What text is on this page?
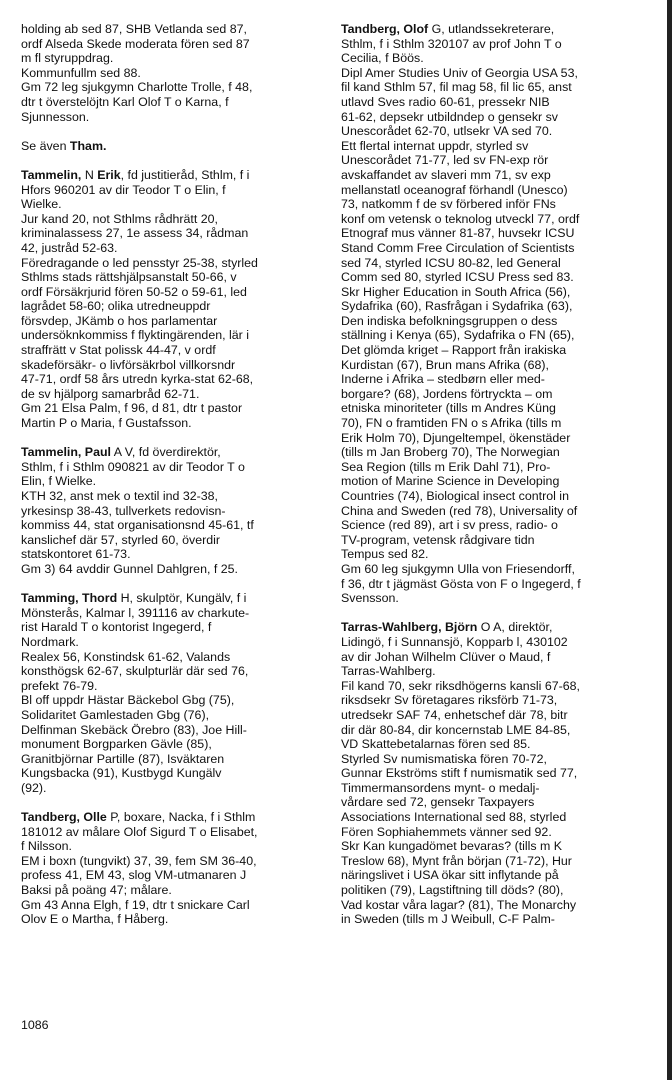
holding ab sed 87, SHB Vetlanda sed 87,
ordf Alseda Skede moderata fören sed 87
m fl styruppdrag.
Kommunfullm sed 88.
Gm 72 leg sjukgymn Charlotte Trolle, f 48,
dtr t överstelöjtn Karl Olof T o Karna, f
Sjunnesson.
Se även Tham.
Tammelin, N Erik, fd justitieråd, Sthlm, f i
Hfors 960201 av dir Teodor T o Elin, f
Wielke.
Jur kand 20, not Sthlms rådhrätt 20,
kriminalassess 27, 1e assess 34, rådman
42, justråd 52-63.
Föredragande o led pensstyr 25-38, styrled
Sthlms stads rättshjälpsanstalt 50-66, v
ordf Försäkrjurid fören 50-52 o 59-61, led
lagrådet 58-60; olika utredneuppdr
försvdep, JKämb o hos parlamentar
undersöknkommiss f flyktingärenden, lär i
straffrätt v Stat polissk 44-47, v ordf
skadeförsäkr- o livförsäkrbol villkorsndr
47-71, ordf 58 års utredn kyrka-stat 62-68,
de sv hjälporg samarbråd 62-71.
Gm 21 Elsa Palm, f 96, d 81, dtr t pastor
Martin P o Maria, f Gustafsson.
Tammelin, Paul A V, fd överdirektör,
Sthlm, f i Sthlm 090821 av dir Teodor T o
Elin, f Wielke.
KTH 32, anst mek o textil ind 32-38,
yrkesinsp 38-43, tullverkets redovisn-
kommiss 44, stat organisationsnd 45-61, tf
kanslichef där 57, styrled 60, överdir
statskontoret 61-73.
Gm 3) 64 avddir Gunnel Dahlgren, f 25.
Tamming, Thord H, skulptör, Kungälv, f i
Mönsterås, Kalmar l, 391116 av charkute-
rist Harald T o kontorist Ingegerd, f
Nordmark.
Realex 56, Konstindsk 61-62, Valands
konsthögsk 62-67, skulpturlär där sed 76,
prefekt 76-79.
Bl off uppdr Hästar Bäckebol Gbg (75),
Solidaritet Gamlestaden Gbg (76),
Delfinman Skebäck Örebro (83), Joe Hill-
monument Borgparken Gävle (85),
Granitbjörnar Partille (87), Isväktaren
Kungsbacka (91), Kustbygd Kungälv
(92).
Tandberg, Olle P, boxare, Nacka, f i Sthlm
181012 av målare Olof Sigurd T o Elisabet,
f Nilsson.
EM i boxn (tungvikt) 37, 39, fem SM 36-40,
profess 41, EM 43, slog VM-utmanaren J
Baksi på poäng 47; målare.
Gm 43 Anna Elgh, f 19, dtr t snickare Carl
Olov E o Martha, f Håberg.
Tandberg, Olof G, utlandssekreterare,
Sthlm, f i Sthlm 320107 av prof John T o
Cecilia, f Böös.
Dipl Amer Studies Univ of Georgia USA 53,
fil kand Sthlm 57, fil mag 58, fil lic 65, anst
utlavd Sves radio 60-61, pressekr NIB
61-62, depsekr utbildndep o gensekr sv
Unescorådet 62-70, utlsekr VA sed 70.
Ett flertal internat uppdr, styrled sv
Unescorådet 71-77, led sv FN-exp rör
avskaffandet av slaveri mm 71, sv exp
mellanstatl oceanograf förhandl (Unesco)
73, natkomm f de sv förbered inför FNs
konf om vetensk o teknolog utveckl 77, ordf
Etnograf mus vänner 81-87, huvsekr ICSU
Stand Comm Free Circulation of Scientists
sed 74, styrled ICSU 80-82, led General
Comm sed 80, styrled ICSU Press sed 83.
Skr Higher Education in South Africa (56),
Sydafrika (60), Rasfrågan i Sydafrika (63),
Den indiska befolkningsgruppen o dess
ställning i Kenya (65), Sydafrika o FN (65),
Det glömda kriget – Rapport från irakiska
Kurdistan (67), Brun mans Afrika (68),
Inderne i Afrika – stedbørn eller med-
borgare? (68), Jordens förtryckta – om
etniska minoriteter (tills m Andres Küng
70), FN o framtiden FN o s Afrika (tills m
Erik Holm 70), Djungeltempel, ökenstäder
(tills m Jan Broberg 70), The Norwegian
Sea Region (tills m Erik Dahl 71), Pro-
motion of Marine Science in Developing
Countries (74), Biological insect control in
China and Sweden (red 78), Universality of
Science (red 89), art i sv press, radio- o
TV-program, vetensk rådgivare tidn
Tempus sed 82.
Gm 60 leg sjukgymn Ulla von Friesendorff,
f 36, dtr t jägmäst Gösta von F o Ingegerd, f
Svensson.
Tarras-Wahlberg, Björn O A, direktör,
Lidingö, f i Sunnansjö, Kopparb l, 430102
av dir Johan Wilhelm Clüver o Maud, f
Tarras-Wahlberg.
Fil kand 70, sekr riksdhögerns kansli 67-68,
riksdsekr Sv företagares riksförb 71-73,
utredsekr SAF 74, enhetschef där 78, bitr
dir där 80-84, dir koncernstab LME 84-85,
VD Skattebetalarnas fören sed 85.
Styrled Sv numismatiska fören 70-72,
Gunnar Ekströms stift f numismatik sed 77,
Timmermansordens mynt- o medalj-
vårdare sed 72, gensekr Taxpayers
Associations International sed 88, styrled
Fören Sophiahemmets vänner sed 92.
Skr Kan kungadömet bevaras? (tills m K
Treslow 68), Mynt från början (71-72), Hur
näringslivet i USA ökar sitt inflytande på
politiken (79), Lagstiftning till döds? (80),
Vad kostar våra lagar? (81), The Monarchy
in Sweden (tills m J Weibull, C-F Palm-
1086
